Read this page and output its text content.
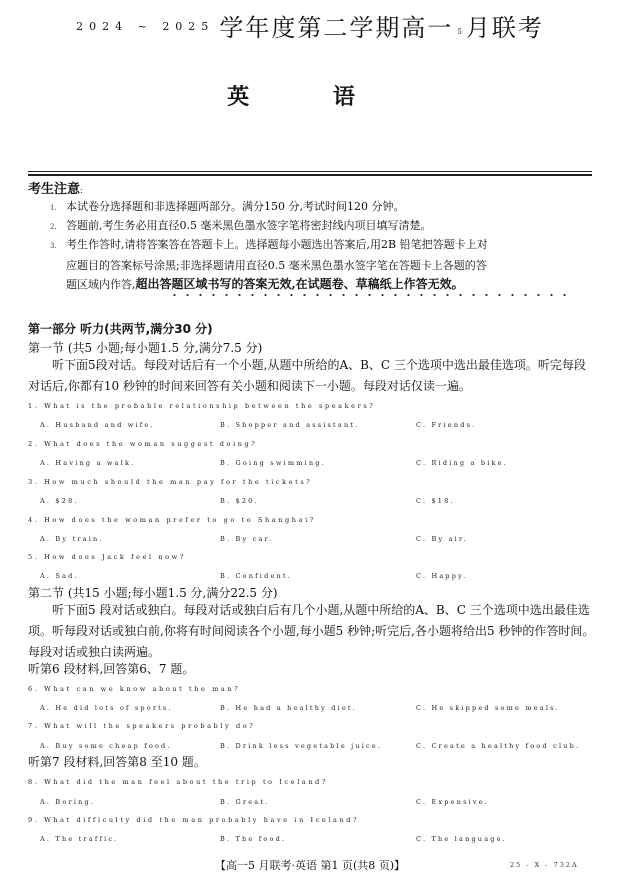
$^{2024 \sim 2025}$ 学年度第二学期高一 5 月联考
英 语
考生注意:
1. 本试卷分选择题和非选择题两部分。满分150 分,考试时间120 分钟。
2. 答题前,考生务必用直径0.5 毫米黑色墨水签字笔将密封线内项目填写清楚。
3. 考生作答时,请将答案答在答题卡上。选择题每小题选出答案后,用2B 铅笔把答题卡上对
应题目的答案标号涂黑;非选择题请用直径0.5 毫米黑色墨水签字笔在答题卡上各题的答
题区域内作答,超出答题区域书写的答案无效,在试题卷、草稿纸上作答无效。
第一部分 听力(共两节,满分30 分)
第一节 (共5 小题;每小题1.5 分,满分7.5 分)
听下面5段对话。每段对话后有一个小题,从题中所给的A、B、C 三个选项中选出最佳选项。听完每段对话后,你都有10 秒钟的时间来回答有关小题和阅读下一小题。每段对话仅读一遍。
1. What is the probable relationship between the speakers?
A. Husband and wife.	B. Shopper and assistant.	C. Friends.
2. What does the woman suggest doing?
A. Having a walk.	B. Going swimming.	C. Riding a bike.
3. How much should the man pay for the tickets?
A. $28.	B. $20.	C. $18.
4. How does the woman prefer to go to Shanghai?
A. By train.	B. By car.	C. By air.
5. How does Jack feel now?
A. Sad.	B. Confident.	C. Happy.
第二节 (共15 小题;每小题1.5 分,满分22.5 分)
听下面5 段对话或独白。每段对话或独白后有几个小题,从题中所给的A、B、C 三个选项中选出最佳选项。听每段对话或独白前,你将有时间阅读各个小题,每小题5 秒钟;听完后,各小题将给出5 秒钟的作答时间。每段对话或独白读两遍。
听第6 段材料,回答第6、7 题。
6. What can we know about the man?
A. He did lots of sports.	B. He had a healthy diet.	C. He skipped some meals.
7. What will the speakers probably do?
A. Buy some cheap food.	B. Drink less vegetable juice.	C. Create a healthy food club.
听第7 段材料,回答第8 至10 题。
8. What did the man feel about the trip to Iceland?
A. Boring.	B. Great.	C. Expensive.
9. What difficulty did the man probably have in Iceland?
A. The traffic.	B. The food.	C. The language.
【高一5 月联考·英语 第1 页(共8 页)】	25 - X - 732A
